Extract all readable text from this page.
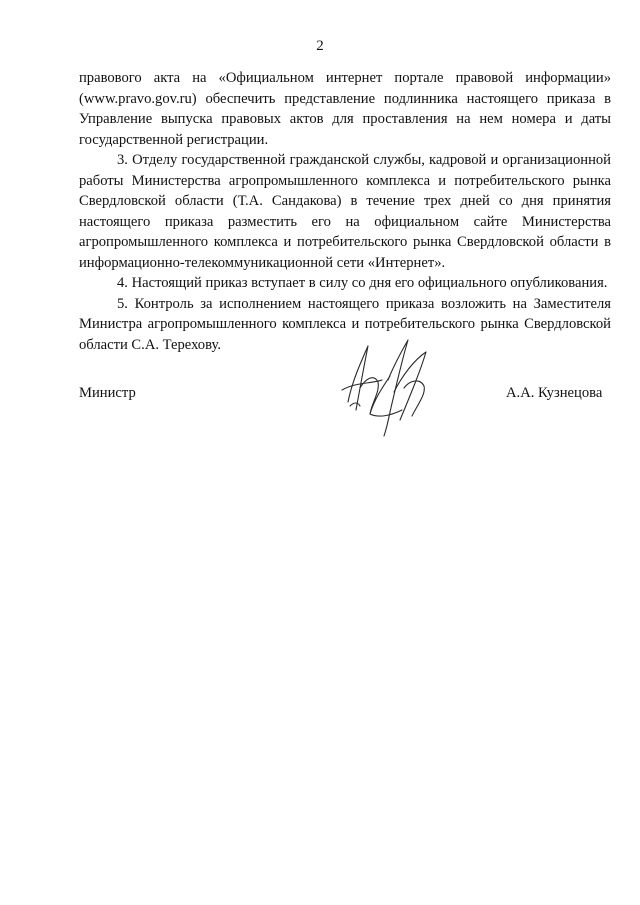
2

правового акта на «Официальном интернет портале правовой информации» (www.pravo.gov.ru) обеспечить представление подлинника настоящего приказа в Управление выпуска правовых актов для проставления на нем номера и даты государственной регистрации.

3. Отделу государственной гражданской службы, кадровой и организационной работы Министерства агропромышленного комплекса и потребительского рынка Свердловской области (Т.А. Сандакова) в течение трех дней со дня принятия настоящего приказа разместить его на официальном сайте Министерства агропромышленного комплекса и потребительского рынка Свердловской области в информационно-телекоммуникационной сети «Интернет».

4. Настоящий приказ вступает в силу со дня его официального опубликования.

5. Контроль за исполнением настоящего приказа возложить на Заместителя Министра агропромышленного комплекса и потребительского рынка Свердловской области С.А. Терехову.

Министр	А.А. Кузнецова
